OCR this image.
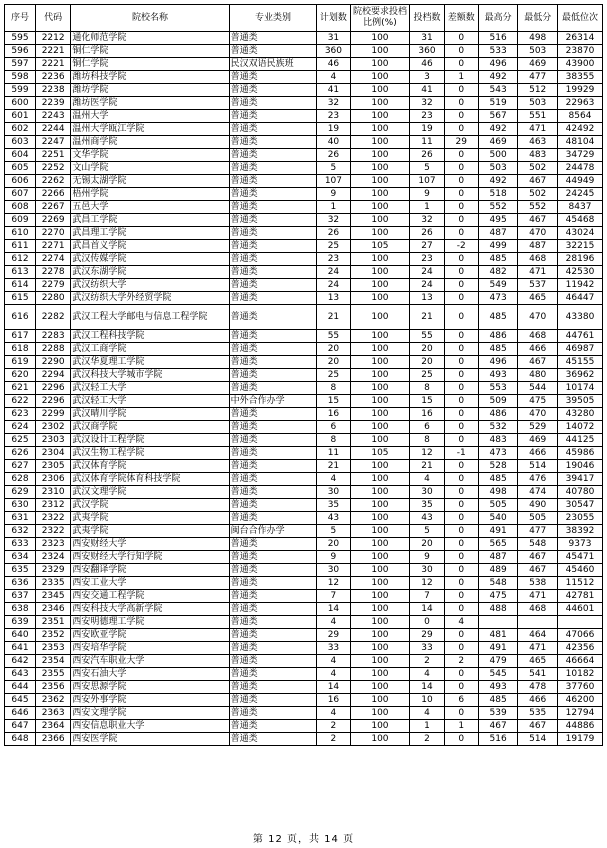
序号	代码	院校名称	专业类别	计划数	院校要求投档比例(%)	投档数	差额数	最高分	最低分	最低位次
595	2212	通化师范学院	普通类	31	100	31	0	516	498	26314
596	2221	铜仁学院	普通类	360	100	360	0	533	503	23870
597	2221	铜仁学院	民汉双语民族班	46	100	46	0	496	469	43900
598	2236	潍坊科技学院	普通类	4	100	3	1	492	477	38355
599	2238	潍坊学院	普通类	41	100	41	0	543	512	19929
600	2239	潍坊医学院	普通类	32	100	32	0	519	503	22963
601	2243	温州大学	普通类	23	100	23	0	567	551	8564
602	2244	温州大学瓯江学院	普通类	19	100	19	0	492	471	42492
603	2247	温州商学院	普通类	40	100	11	29	469	463	48104
604	2251	文华学院	普通类	26	100	26	0	500	483	34729
605	2252	文山学院	普通类	5	100	5	0	503	502	24478
606	2262	无锡太湖学院	普通类	107	100	107	0	492	467	44949
607	2266	梧州学院	普通类	9	100	9	0	518	502	24245
608	2267	五邑大学	普通类	1	100	1	0	552	552	8437
609	2269	武昌工学院	普通类	32	100	32	0	495	467	45468
610	2270	武昌理工学院	普通类	26	100	26	0	487	470	43024
611	2271	武昌首义学院	普通类	25	105	27	-2	499	487	32215
612	2274	武汉传媒学院	普通类	23	100	23	0	485	468	28196
613	2278	武汉东湖学院	普通类	24	100	24	0	482	471	42530
614	2279	武汉纺织大学	普通类	24	100	24	0	549	537	11942
615	2280	武汉纺织大学外经贸学院	普通类	13	100	13	0	473	465	46447
616	2282	武汉工程大学邮电与信息工程学院	普通类	21	100	21	0	485	470	43380
617	2283	武汉工程科技学院	普通类	55	100	55	0	486	468	44761
618	2288	武汉工商学院	普通类	20	100	20	0	485	466	46987
619	2290	武汉华夏理工学院	普通类	20	100	20	0	496	467	45155
620	2294	武汉科技大学城市学院	普通类	25	100	25	0	493	480	36962
621	2296	武汉轻工大学	普通类	8	100	8	0	553	544	10174
622	2296	武汉轻工大学	中外合作办学	15	100	15	0	509	475	39505
623	2299	武汉晴川学院	普通类	16	100	16	0	486	470	43280
624	2302	武汉商学院	普通类	6	100	6	0	532	529	14072
625	2303	武汉设计工程学院	普通类	8	100	8	0	483	469	44125
626	2304	武汉生物工程学院	普通类	11	105	12	-1	473	466	45986
627	2305	武汉体育学院	普通类	21	100	21	0	528	514	19046
628	2306	武汉体育学院体育科技学院	普通类	4	100	4	0	485	476	39417
629	2310	武汉文理学院	普通类	30	100	30	0	498	474	40780
630	2312	武汉学院	普通类	35	100	35	0	505	490	30547
631	2322	武夷学院	普通类	43	100	43	0	540	505	23055
632	2322	武夷学院	闽台合作办学	5	100	5	0	491	477	38392
633	2323	西安财经大学	普通类	20	100	20	0	565	548	9373
634	2324	西安财经大学行知学院	普通类	9	100	9	0	487	467	45471
635	2329	西安翻译学院	普通类	30	100	30	0	489	467	45460
636	2335	西安工业大学	普通类	12	100	12	0	548	538	11512
637	2345	西安交通工程学院	普通类	7	100	7	0	475	471	42781
638	2346	西安科技大学高新学院	普通类	14	100	14	0	488	468	44601
639	2351	西安明德理工学院	普通类	4	100	0	4			
640	2352	西安欧亚学院	普通类	29	100	29	0	481	464	47066
641	2353	西安培华学院	普通类	33	100	33	0	491	471	42356
642	2354	西安汽车职业大学	普通类	4	100	2	2	479	465	46664
643	2355	西安石油大学	普通类	4	100	4	0	545	541	10182
644	2356	西安思源学院	普通类	14	100	14	0	493	478	37760
645	2362	西安外事学院	普通类	16	100	10	6	485	466	46200
646	2363	西安文理学院	普通类	4	100	4	0	539	535	12794
647	2364	西安信息职业大学	普通类	2	100	1	1	467	467	44886
648	2366	西安医学院	普通类	2	100	2	0	516	514	19179
第 12 页，共 14 页
